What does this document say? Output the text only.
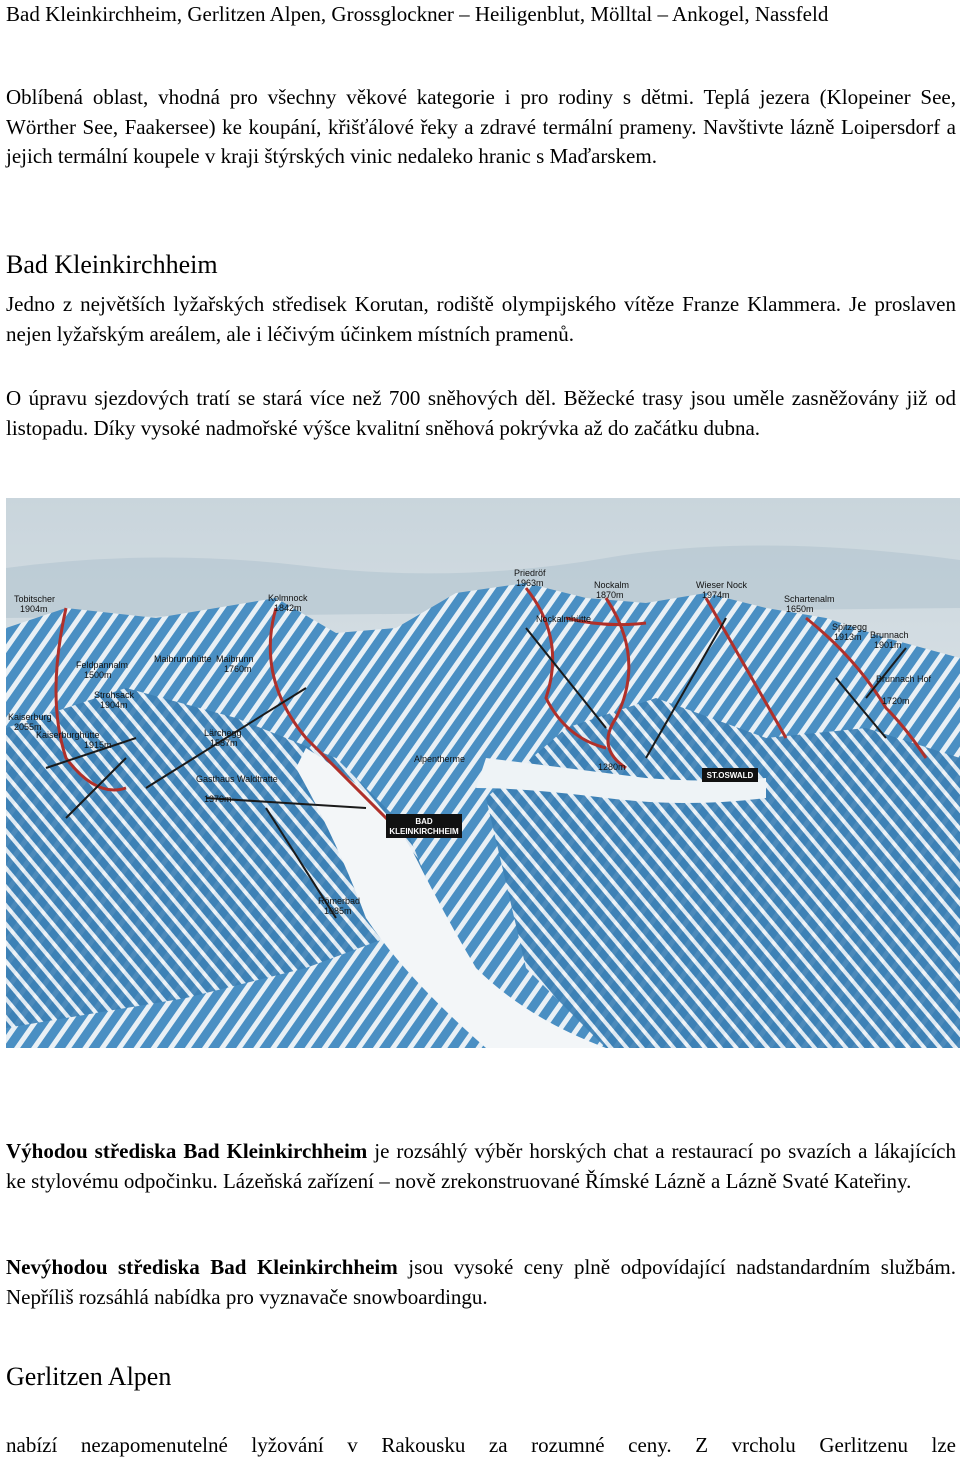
Bad Kleinkirchheim, Gerlitzen Alpen, Grossglockner – Heiligenblut, Mölltal – Ankogel, Nassfeld

Oblíbená oblast, vhodná pro všechny věkové kategorie i pro rodiny s dětmi. Teplá jezera (Klopeiner See, Wörther See, Faakersee) ke koupání, křišťálové řeky a zdravé termální prameny. Navštivte lázně Loipersdorf a jejich termální koupele v kraji štýrských vinic nedaleko hranic s Maďarskem.

Bad Kleinkirchheim

Jedno z největších lyžařských středisek Korutan, rodiště olympijského vítěze Franze Klammera. Je proslaven nejen lyžařským areálem, ale i léčivým účinkem místních pramenů.

O úpravu sjezdových tratí se stará více než 700 sněhových děl. Běžecké trasy jsou uměle zasněžovány již od listopadu. Díky vysoké nadmořské výšce kvalitní sněhová pokrývka až do začátku dubna.

Tobitscher
1904m
Kolmnock
1842m
Priedröf
1963m	Nockalm
1870m
Wieser Nock
1974m	Schartenalm
1650m
Spitzegg
1913m Brunnach
1901m
Brunnach Hof
1720m
Nockalmhütte
Feldpannalm
1500m
Maibrunnhütte Maibrunn
1760m
Strohsack
1904m
Kaiserburg
2055m
Kaiserburghütte
1915m
Lärchegg
1587m
Gasthaus Waldtratte
1370m
Römerbad
1085m
Alpentherme
1280m
BAD
KLEINKIRCHHEIM
ST.OSWALD

Výhodou střediska Bad Kleinkirchheim je rozsáhlý výběr horských chat a restaurací po svazích a lákajících ke stylovému odpočinku. Lázeňská zařízení – nově zrekonstruované Římské Lázně a Lázně Svaté Kateřiny.

Nevýhodou střediska Bad Kleinkirchheim jsou vysoké ceny plně odpovídající nadstandardním službám. Nepříliš rozsáhlá nabídka pro vyznavače snowboardingu.

Gerlitzen Alpen

nabízí nezapomenutelné lyžování v Rakousku za rozumné ceny. Z vrcholu Gerlitzenu lze
